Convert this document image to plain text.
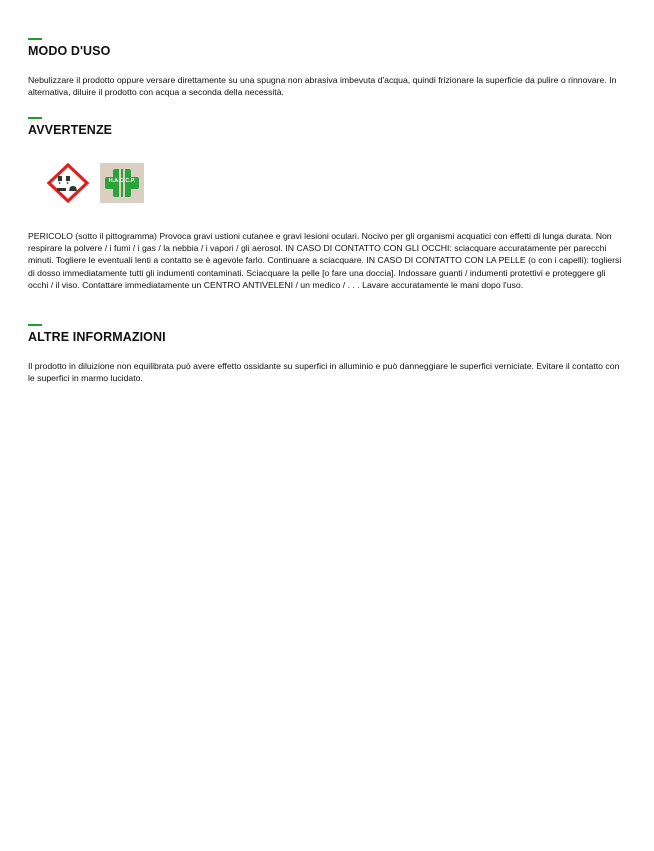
MODO D'USO

Nebulizzare il prodotto oppure versare direttamente su una spugna non abrasiva imbevuta d'acqua, quindi frizionare la superficie da pulire o rinnovare. In alternativa, diluire il prodotto con acqua a seconda della necessità.

AVVERTENZE
H.A.C.C.P.

PERICOLO (sotto il pittogramma) Provoca gravi ustioni cutanee e gravi lesioni oculari. Nocivo per gli organismi acquatici con effetti di lunga durata. Non respirare la polvere / i fumi / i gas / la nebbia / i vapori / gli aerosol. IN CASO DI CONTATTO CON GLI OCCHI: sciacquare accuratamente per parecchi minuti. Togliere le eventuali lenti a contatto se è agevole farlo. Continuare a sciacquare. IN CASO DI CONTATTO CON LA PELLE (o con i capelli): togliersi di dosso immediatamente tutti gli indumenti contaminati. Sciacquare la pelle [o fare una doccia]. Indossare guanti / indumenti protettivi e proteggere gli occhi / il viso. Contattare immediatamente un CENTRO ANTIVELENI / un medico / . . . Lavare accuratamente le mani dopo l'uso.

ALTRE INFORMAZIONI

Il prodotto in diluizione non equilibrata può avere effetto ossidante su superfici in alluminio e può danneggiare le superfici verniciate. Evitare il contatto con le superfici in marmo lucidato.
